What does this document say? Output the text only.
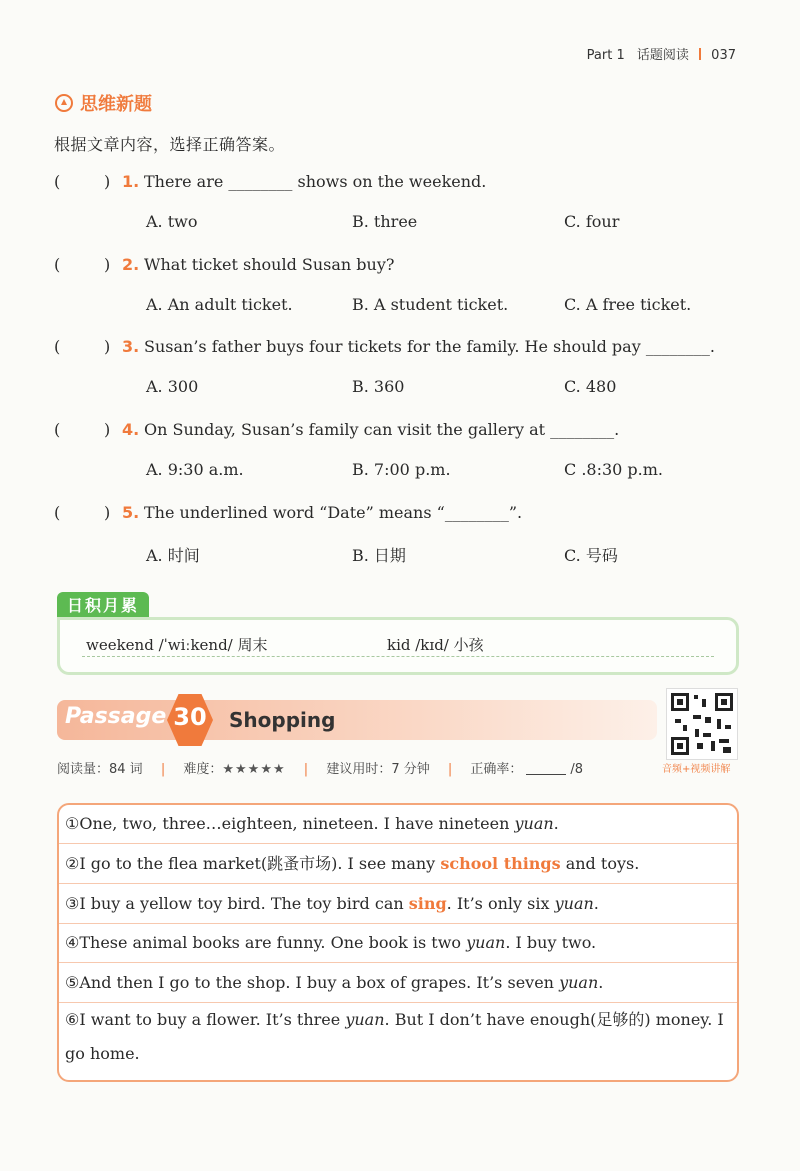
Part 1 话题阅读 037
思维新题
根据文章内容，选择正确答案。
(	) 1. There are ________ shows on the weekend.
A. two	B. three	C. four
(	) 2. What ticket should Susan buy?
A. An adult ticket.	B. A student ticket.	C. A free ticket.
(	) 3. Susan’s father buys four tickets for the family. He should pay ________.
A. 300	B. 360	C. 480
(	) 4. On Sunday, Susan’s family can visit the gallery at ________.
A. 9:30 a.m.	B. 7:00 p.m.	C .8:30 p.m.
(	) 5. The underlined word “Date” means “________”.
A. 时间	B. 日期	C. 号码
日积月累
weekend /ˈwiːkend/ 周末	kid /kɪd/ 小孩
Passage 30	Shopping
音频+视频讲解
阅读量：84 词 | 难度：★★★★★ | 建议用时：7 分钟 | 正确率：	/8
①One, two, three…eighteen, nineteen. I have nineteen yuan.
②I go to the flea market(跳蚤市场). I see many school things and toys.
③I buy a yellow toy bird. The toy bird can sing. It’s only six yuan.
④These animal books are funny. One book is two yuan. I buy two.
⑤And then I go to the shop. I buy a box of grapes. It’s seven yuan.
⑥I want to buy a flower. It’s three yuan. But I don’t have enough(足够的) money. I go home.
